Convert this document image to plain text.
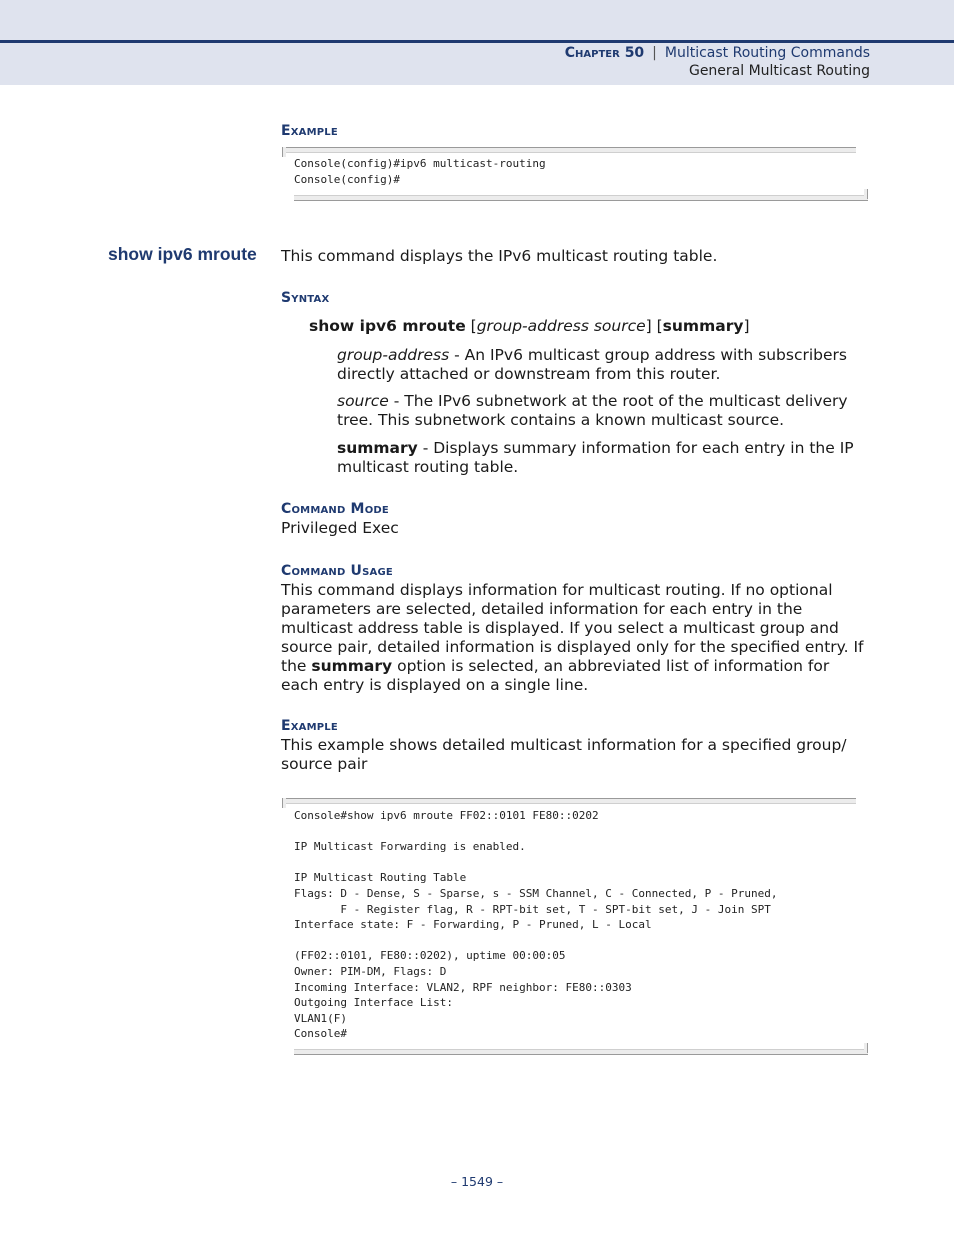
Chapter 50 | Multicast Routing Commands
General Multicast Routing
Example
Console(config)#ipv6 multicast-routing
Console(config)#
show ipv6 mroute This command displays the IPv6 multicast routing table.
Syntax
show ipv6 mroute [group-address source] [summary]
group-address - An IPv6 multicast group address with subscribers directly attached or downstream from this router.
source - The IPv6 subnetwork at the root of the multicast delivery tree. This subnetwork contains a known multicast source.
summary - Displays summary information for each entry in the IP multicast routing table.
Command Mode
Privileged Exec
Command Usage
This command displays information for multicast routing. If no optional parameters are selected, detailed information for each entry in the multicast address table is displayed. If you select a multicast group and source pair, detailed information is displayed only for the specified entry. If the summary option is selected, an abbreviated list of information for each entry is displayed on a single line.
Example
This example shows detailed multicast information for a specified group/ source pair
Console#show ipv6 mroute FF02::0101 FE80::0202

IP Multicast Forwarding is enabled.

IP Multicast Routing Table
Flags: D - Dense, S - Sparse, s - SSM Channel, C - Connected, P - Pruned,
F - Register flag, R - RPT-bit set, T - SPT-bit set, J - Join SPT
Interface state: F - Forwarding, P - Pruned, L - Local

(FF02::0101, FE80::0202), uptime 00:00:05
Owner: PIM-DM, Flags: D
Incoming Interface: VLAN2, RPF neighbor: FE80::0303
Outgoing Interface List:
VLAN1(F)
Console#
– 1549 –
